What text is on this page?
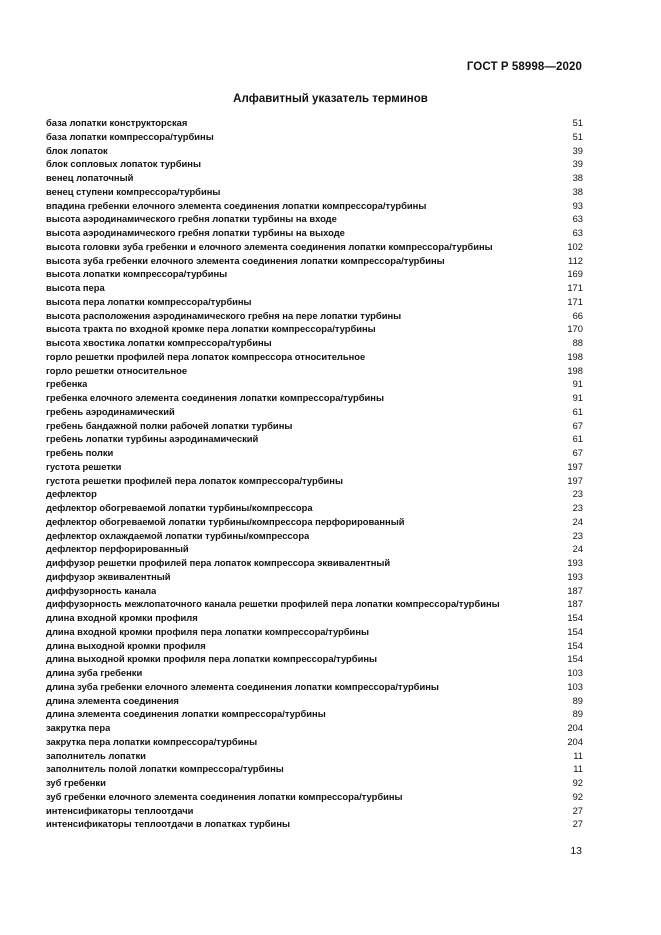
ГОСТ Р 58998—2020
Алфавитный указатель терминов
база лопатки конструкторская	51
база лопатки компрессора/турбины	51
блок лопаток	39
блок сопловых лопаток турбины	39
венец лопаточный	38
венец ступени компрессора/турбины	38
впадина гребенки елочного элемента соединения лопатки компрессора/турбины	93
высота аэродинамического гребня лопатки турбины на входе	63
высота аэродинамического гребня лопатки турбины на выходе	63
высота головки зуба гребенки и елочного элемента соединения лопатки компрессора/турбины	102
высота зуба гребенки елочного элемента соединения лопатки компрессора/турбины	112
высота лопатки компрессора/турбины	169
высота пера	171
высота пера лопатки компрессора/турбины	171
высота расположения аэродинамического гребня на пере лопатки турбины	66
высота тракта по входной кромке пера лопатки компрессора/турбины	170
высота хвостика лопатки компрессора/турбины	88
горло решетки профилей пера лопаток компрессора относительное	198
горло решетки относительное	198
гребенка	91
гребенка елочного элемента соединения лопатки компрессора/турбины	91
гребень аэродинамический	61
гребень бандажной полки рабочей лопатки турбины	67
гребень лопатки турбины аэродинамический	61
гребень полки	67
густота решетки	197
густота решетки профилей пера лопаток компрессора/турбины	197
дефлектор	23
дефлектор обогреваемой лопатки турбины/компрессора	23
дефлектор обогреваемой лопатки турбины/компрессора перфорированный	24
дефлектор охлаждаемой лопатки турбины/компрессора	23
дефлектор перфорированный	24
диффузор решетки профилей пера лопаток компрессора эквивалентный	193
диффузор эквивалентный	193
диффузорность канала	187
диффузорность межлопаточного канала решетки профилей пера лопатки компрессора/турбины	187
длина входной кромки профиля	154
длина входной кромки профиля пера лопатки компрессора/турбины	154
длина выходной кромки профиля	154
длина выходной кромки профиля пера лопатки компрессора/турбины	154
длина зуба гребенки	103
длина зуба гребенки елочного элемента соединения лопатки компрессора/турбины	103
длина элемента соединения	89
длина элемента соединения лопатки компрессора/турбины	89
закрутка пера	204
закрутка пера лопатки компрессора/турбины	204
заполнитель лопатки	11
заполнитель полой лопатки компрессора/турбины	11
зуб гребенки	92
зуб гребенки елочного элемента соединения лопатки компрессора/турбины	92
интенсификаторы теплоотдачи	27
интенсификаторы теплоотдачи в лопатках турбины	27
13
